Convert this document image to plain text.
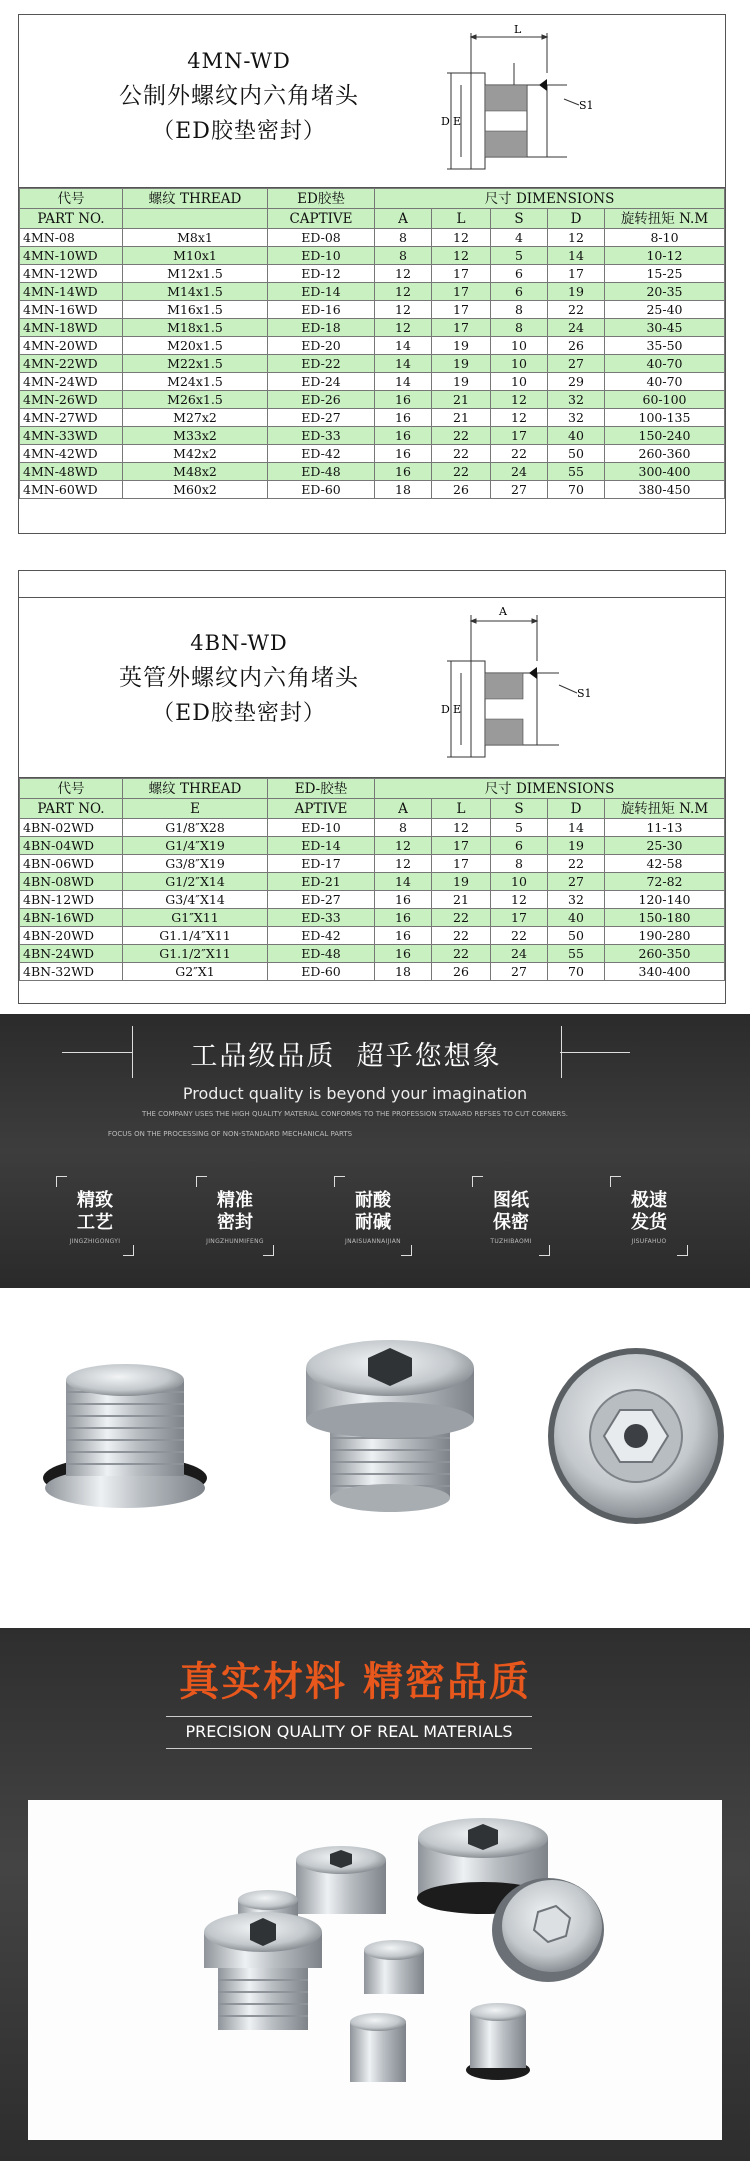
4MN-WD
公制外螺纹内六角堵头
（ED胶垫密封）
L
D E
S1
代号	螺纹 THREAD	ED胶垫	尺寸 DIMENSIONS				
PART NO.		CAPTIVE	A	L	S	D	旋转扭矩 N.M
4MN-08	M8x1	ED-08	8	12	4	12	8-10
4MN-10WD	M10x1	ED-10	8	12	5	14	10-12
4MN-12WD	M12x1.5	ED-12	12	17	6	17	15-25
4MN-14WD	M14x1.5	ED-14	12	17	6	19	20-35
4MN-16WD	M16x1.5	ED-16	12	17	8	22	25-40
4MN-18WD	M18x1.5	ED-18	12	17	8	24	30-45
4MN-20WD	M20x1.5	ED-20	14	19	10	26	35-50
4MN-22WD	M22x1.5	ED-22	14	19	10	27	40-70
4MN-24WD	M24x1.5	ED-24	14	19	10	29	40-70
4MN-26WD	M26x1.5	ED-26	16	21	12	32	60-100
4MN-27WD	M27x2	ED-27	16	21	12	32	100-135
4MN-33WD	M33x2	ED-33	16	22	17	40	150-240
4MN-42WD	M42x2	ED-42	16	22	22	50	260-360
4MN-48WD	M48x2	ED-48	16	22	24	55	300-400
4MN-60WD	M60x2	ED-60	18	26	27	70	380-450
4BN-WD
英管外螺纹内六角堵头
（ED胶垫密封）
A
D E
S1
代号	螺纹 THREAD	ED-胶垫	尺寸 DIMENSIONS				
PART NO.	E	APTIVE	A	L	S	D	旋转扭矩 N.M
4BN-02WD	G1/8″X28	ED-10	8	12	5	14	11-13
4BN-04WD	G1/4″X19	ED-14	12	17	6	19	25-30
4BN-06WD	G3/8″X19	ED-17	12	17	8	22	42-58
4BN-08WD	G1/2″X14	ED-21	14	19	10	27	72-82
4BN-12WD	G3/4″X14	ED-27	16	21	12	32	120-140
4BN-16WD	G1″X11	ED-33	16	22	17	40	150-180
4BN-20WD	G1.1/4″X11	ED-42	16	22	22	50	190-280
4BN-24WD	G1.1/2″X11	ED-48	16	22	24	55	260-350
4BN-32WD	G2″X1	ED-60	18	26	27	70	340-400
工品级品质  超乎您想象
Product quality is beyond your imagination
THE COMPANY USES THE HIGH QUALITY MATERIAL CONFORMS TO THE PROFESSION STANARD REFSES TO CUT CORNERS.
FOCUS ON THE PROCESSING OF NON-STANDARD MECHANICAL PARTS
精致
工艺
JINGZHIGONGYI
精准
密封
JINGZHUNMIFENG
耐酸
耐碱
JNAISUANNAIJIAN
图纸
保密
TUZHIBAOMI
极速
发货
JISUFAHUO
真实材料 精密品质
PRECISION QUALITY OF REAL MATERIALS
